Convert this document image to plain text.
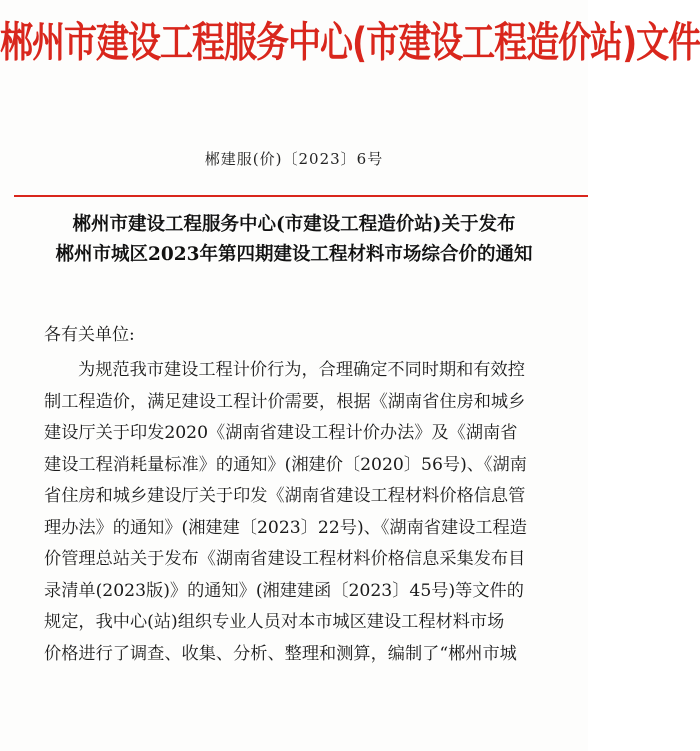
郴州市建设工程服务中心(市建设工程造价站)文件
郴建服(价)〔2023〕6号
郴州市建设工程服务中心(市建设工程造价站)关于发布
郴州市城区2023年第四期建设工程材料市场综合价的通知
各有关单位:
为规范我市建设工程计价行为，合理确定不同时期和有效控
制工程造价，满足建设工程计价需要，根据《湖南省住房和城乡
建设厅关于印发2020《湖南省建设工程计价办法》及《湖南省
建设工程消耗量标准》的通知》(湘建价〔2020〕56号)、《湖南
省住房和城乡建设厅关于印发《湖南省建设工程材料价格信息管
理办法》的通知》(湘建建〔2023〕22号)、《湖南省建设工程造
价管理总站关于发布《湖南省建设工程材料价格信息采集发布目
录清单(2023版)》的通知》(湘建建函〔2023〕45号)等文件的
规定，我中心(站)组织专业人员对本市城区建设工程材料市场
价格进行了调查、收集、分析、整理和测算，编制了“郴州市城
